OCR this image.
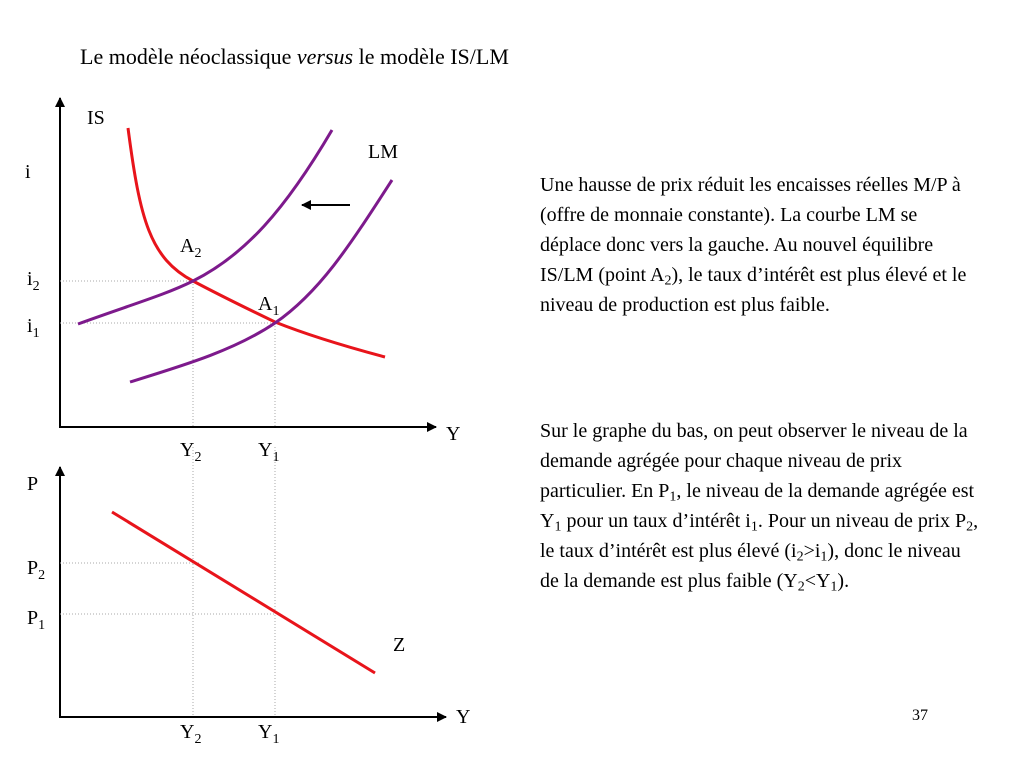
Le modèle néoclassique versus le modèle IS/LM
IS
LM
i
Y
$i_2$
$i_1$
$A_2$
$A_1$
$Y_2$	$Y_1$
P
Y
Z
$P_2$
$P_1$
$Y_2$	$Y_1$
Une hausse de prix réduit les encaisses réelles M/P à (offre de monnaie constante). La courbe LM se déplace donc vers la gauche. Au nouvel équilibre IS/LM (point $A_2$), le taux d’intérêt est plus élevé et le niveau de production est plus faible.
Sur le graphe du bas, on peut observer le niveau de la demande agrégée pour chaque niveau de prix particulier. En $P_1$, le niveau de la demande agrégée est $Y_1$ pour un taux d’intérêt $i_1$. Pour un niveau de prix $P_2$, le taux d’intérêt est plus élevé $(i_2>i_1)$, donc le niveau de la demande est plus faible $(Y_2<Y_1)$.
37
